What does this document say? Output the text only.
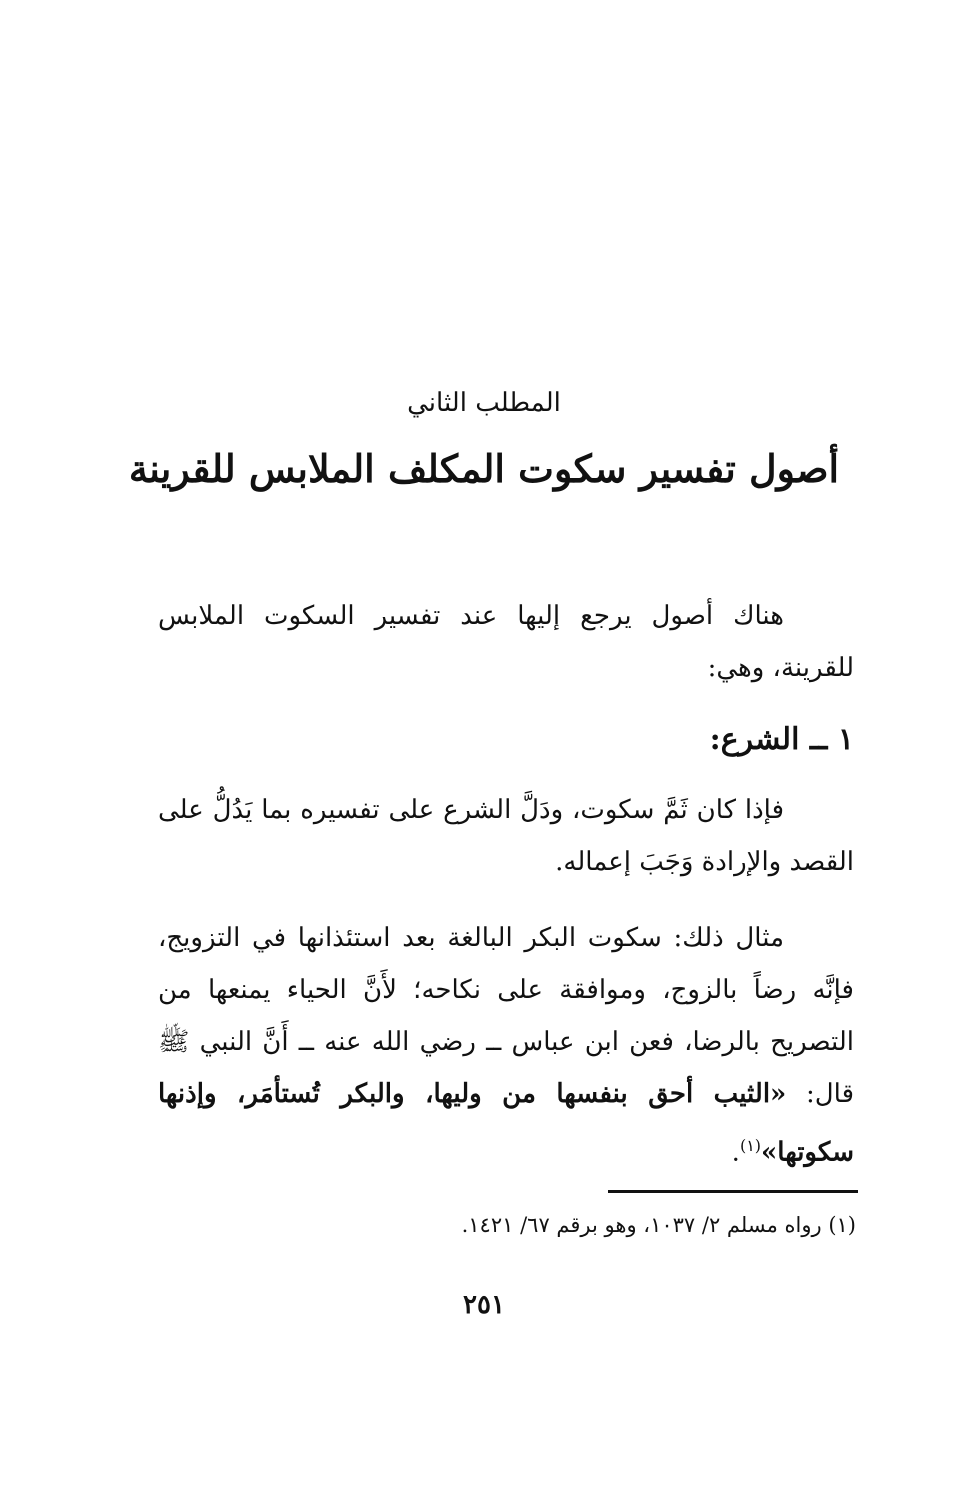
المطلب الثاني
أصول تفسير سكوت المكلف الملابس للقرينة
هناك أصول يرجع إليها عند تفسير السكوت الملابس للقرينة، وهي:
١ ــ الشرع:
فإذا كان ثَمَّ سكوت، ودَلَّ الشرع على تفسيره بما يَدُلُّ على القصد والإرادة وَجَبَ إعماله.
مثال ذلك: سكوت البكر البالغة بعد استئذانها في التزويج، فإنَّه رضاً بالزوج، وموافقة على نكاحه؛ لأَنَّ الحياء يمنعها من التصريح بالرضا، فعن ابن عباس ــ رضي الله عنه ــ أَنَّ النبي ﷺ قال: «الثيب أحق بنفسها من وليها، والبكر تُستأمَر، وإذنها سكوتها»$^{(١)}$.
(١) رواه مسلم ٢/ ١٠٣٧، وهو برقم ٦٧/ ١٤٢١.
٢٥١
